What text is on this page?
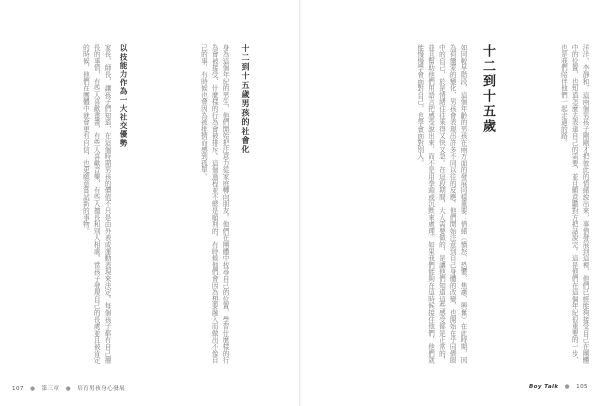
十二到十五歲男孩的社會化
身為這個年紀的男生，他們開始把注意力從家庭轉向朋友。他們在團體中找尋自己的位置，學習什麼樣的行為會被接受、什麼樣的行為會被排斥。這個過程並不總是順利的，有時候他們會因為想要融入而做出不像自己的事，有時候也會因為被排擠而感到孤單。
以技能力作為一大社交優勢
家長、師長，讓孩子們知道，在這個時期男孩的價值不只是由外表或運動表現來決定。每個孩子都有自己擅長的事情，有些人喜歡畫畫，有些人喜歡音樂，有些人擅長和別人相處。當孩子發現自己的長處並且被肯定的時候，他們在團體中就會更有自信，也更願意嘗試新的事物。
107 ● 第三章 ● 培育男孩身心發展
洋洋、李靜和，這兩個男孩子剛剛才把彼此的情緒說出來，事情發展到這裡，他們已經能夠接受自己在團體中的位置，也知道怎麼去表達自己的需要，並且願意聽對方把話說完。這是他們在這個年紀很重要的一步，也是我們陪伴他們一起走過的路。
十二到十五歲
如同較早階段，這個年齡的男孩在兩方面的發展同樣重要：情緒（憤怒、恐懼、焦慮、興奮）在此時期，因為荷爾蒙的變化，男孩會表現出許多不同以往的反應。他們開始注意到自己身體的改變，也開始在乎同儕眼中的自己，於是情緒往往來得又快又急。在這段期間，大人需要做的，是讓他們知道這些感受都是正常的，並且幫助他們用語言把感受說出來，而不是用拳頭或沉默來處理。如果我們能夠在這時候接住他們，他們就能慢慢學會面對自己，也學會面對別人。
Boy Talk ● 105
